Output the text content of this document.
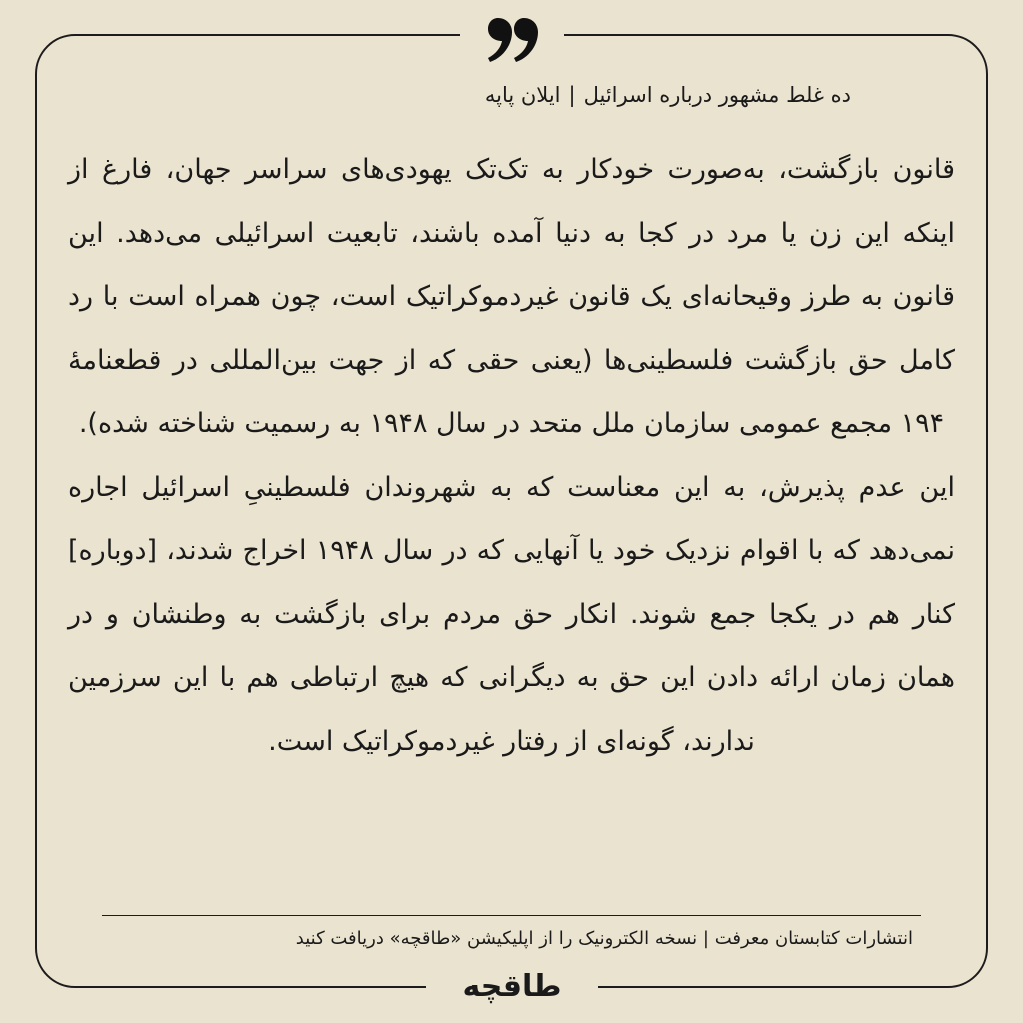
ده غلط مشهور درباره اسرائیل|ایلان پاپه

قانون بازگشت، به‌صورت خودکار به تک‌تک یهودی‌های سراسر جهان، فارغ از اینکه این زن یا مرد در کجا به دنیا آمده باشند، تابعیت اسرائیلی می‌دهد. این قانون به طرز وقیحانه‌ای یک قانون غیردموکراتیک است، چون همراه است با رد کامل حق بازگشت فلسطینی‌ها (یعنی حقی که از جهت بین‌المللی در قطعنامهٔ ۱۹۴ مجمع عمومی سازمان ملل متحد در سال ۱۹۴۸ به رسمیت شناخته شده).

این عدم پذیرش، به این معناست که به شهروندان فلسطینیِ اسرائیل اجاره نمی‌دهد که با اقوام نزدیک خود یا آنهایی که در سال ۱۹۴۸ اخراج شدند، [دوباره] کنار هم در یکجا جمع شوند. انکار حق مردم برای بازگشت به وطنشان و در همان زمان ارائه دادن این حق به دیگرانی که هیچ ارتباطی هم با این سرزمین ندارند، گونه‌ای از رفتار غیردموکراتیک است.

انتشارات کتابستان معرفت | نسخه الکترونیک را از اپلیکیشن «طاقچه» دریافت کنید
طاقچه
